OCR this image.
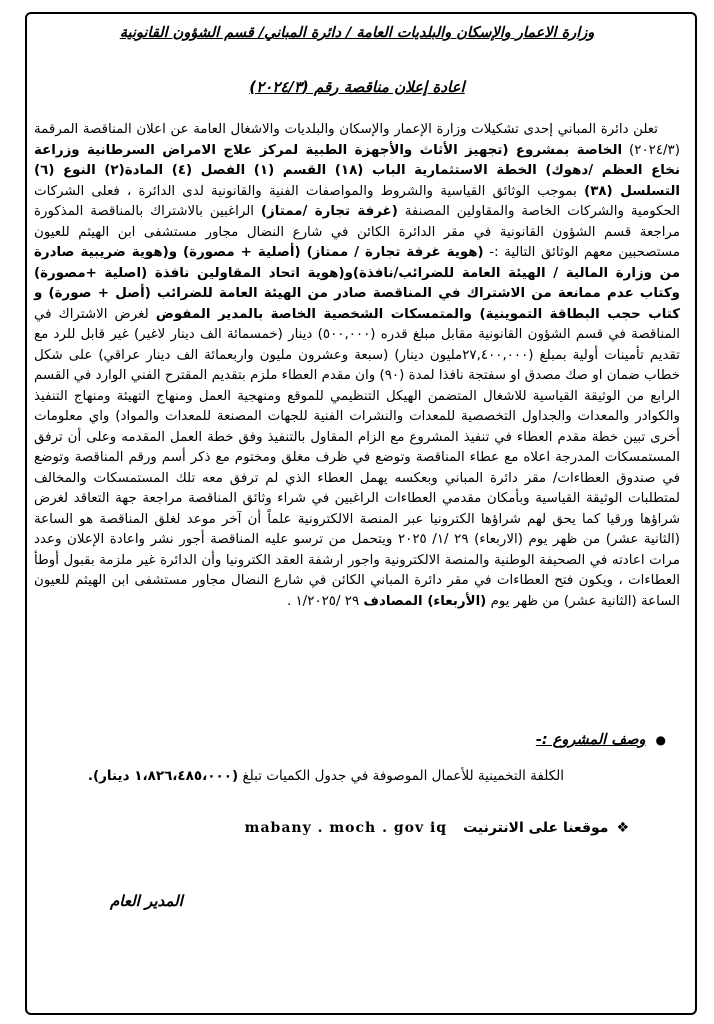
وزارة الاعمار والإسكان والبلديات العامة / دائرة المباني/ قسم الشؤون القانونية
اعادة إعلان مناقصة رقم (٢٠٢٤/٣)

تعلن دائرة المباني إحدى تشكيلات وزارة الإعمار والإسكان والبلديات والاشغال العامة عن اعلان المناقصة المرقمة (٢٠٢٤/٣) الخاصة بمشروع (تجهيز الأثاث والأجهزة الطبية لمركز علاج الامراض السرطانية وزراعة نخاع العظم /دهوك) الخطة الاستثمارية الباب (١٨) القسم (١) الفصل (٤) المادة(٢) النوع (٦) التسلسل (٣٨) بموجب الوثائق القياسية والشروط والمواصفات الفنية والقانونية لدى الدائرة ، فعلى الشركات الحكومية والشركات الخاصة والمقاولين المصنفة (غرفة تجارة /ممتاز) الراغبين بالاشتراك بالمناقصة المذكورة مراجعة قسم الشؤون القانونية في مقر الدائرة الكائن في شارع النضال مجاور مستشفى ابن الهيثم للعيون مستصحبين معهم الوثائق التالية :- (هوية غرفة تجارة / ممتاز) (أصلية + مصورة) و(هوية ضريبية صادرة من وزارة المالية / الهيئة العامة للضرائب/نافذة)و(هوية اتحاد المقاولين نافذة (اصلية +مصورة) وكتاب عدم ممانعة من الاشتراك في المناقصة صادر من الهيئة العامة للضرائب (أصل + صورة) و كتاب حجب البطاقة التموينية) والمتمسكات الشخصية الخاصة بالمدير المفوض لغرض الاشتراك في المناقصة في قسم الشؤون القانونية مقابل مبلغ قدره (٥٠٠,٠٠٠) دينار (خمسمائة الف دينار لاغير) غير قابل للرد مع تقديم تأمينات أولية بمبلغ (٢٧,٤٠٠,٠٠٠مليون دينار) (سبعة وعشرون مليون واربعمائة الف دينار عراقي) على شكل خطاب ضمان او صك مصدق او سفتجة نافذا لمدة (٩٠) وان مقدم العطاء ملزم بتقديم المقترح الفني الوارد في القسم الرابع من الوثيقة القياسية للاشغال المتضمن الهيكل التنظيمي للموقع ومنهجية العمل ومنهاج التهيئة ومنهاج التنفيذ والكوادر والمعدات والجداول التخصصية للمعدات والنشرات الفنية للجهات المصنعة للمعدات والمواد) واي معلومات أخرى تبين خطة مقدم العطاء في تنفيذ المشروع مع الزام المقاول بالتنفيذ وفق خطة العمل المقدمه وعلى أن ترفق المستمسكات المدرجة اعلاه مع عطاء المناقصة وتوضع في ظرف مغلق ومختوم مع ذكر أسم ورقم المناقصة وتوضع في صندوق العطاءات/ مقر دائرة المباني وبعكسه يهمل العطاء الذي لم ترفق معه تلك المستمسكات والمخالف لمتطلبات الوثيقة القياسية وبأمكان مقدمي العطاءات الراغبين في شراء وثائق المناقصة مراجعة جهة التعاقد لغرض شراؤها ورقيا كما يحق لهم شراؤها الكترونيا عبر المنصة الالكترونية علماً أن آخر موعد لغلق المناقصة هو الساعة (الثانية عشر) من ظهر يوم (الاربعاء) ٢٩ /١/ ٢٠٢٥ ويتحمل من ترسو عليه المناقصة أجور نشر واعادة الإعلان وعدد مرات اعادته في الصحيفة الوطنية والمنصة الالكترونية واجور ارشفة العقد الكترونيا وأن الدائرة غير ملزمة بقبول أوطأ العطاءات ، ويكون فتح العطاءات في مقر دائرة المباني الكائن في شارع النضال مجاور مستشفى ابن الهيثم للعيون الساعة (الثانية عشر) من ظهر يوم (الأربعاء) المصادف ٢٩ /١/٢٠٢٥ .

●وصف المشروع :-
الكلفة التخمينية للأعمال الموصوفة في جدول الكميات تبلغ (١،٨٢٦،٤٨٥،٠٠٠ دينار).
❖موقعنا على الانترنيتmabany . moch . gov iq
المدير العام
